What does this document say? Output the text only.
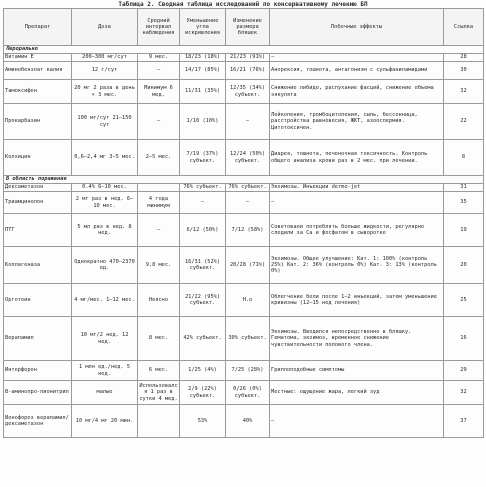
Таблица 2. Сводная таблица исследований по консервативному лечению БП
Препарат	Доза	Средний интервал наблюдения	Уменьшение угла искривления	Изменение размера бляшек	Побочные эффекты	Ссылка
Перорально						
Витамин Е	200–300 мг/сут	9 мес.	18/23 (18%)	21/23 (91%)	–	28
Аминобензоат калия	12 г/сут	–	14/17 (85%)	16/21 (76%)	Анорексия, тошнота, антагонизм с сульфаниламидами	30
Тамоксифен	20 мг 2 раза в день × 3 мес.	Минимум 6 мед.	11/31 (35%)	12/35 (34%) субъект.	Снижение либидо, распухание фасций, снижение объема эякулята	32
Прокарбазин	100 мг/сут 21–150 сут	–	1/10 (10%)	–	Лейкопения, тромбоцитопения, сыпь, бессонница, расстройства равновесия, ЖКТ, азооспермия. Цитотоксичен.	22
Колхицин	0,6–2,4 мг 3–5 мес.	2–5 мес.	7/19 (37%) субъект.	12/24 (50%) субъект.	Диарея, тошнота, печеночная токсичность. Контроль общего анализа крови раз в 2 мес. при лечении.	8
В область поражения						
Дексаметазон	0.4% 6–10 мес.		76% субъект.	76% субъект.	Экхимозы. Инъекции dermo-jet	31
Триамцинолон	2 мг раз в нед. 6–10 мес.	4 года минимум	–	–	–	35
ПТГ	5 мл раз в нед. 8 нед.	–	6/12 (50%)	7/12 (58%)	Советовали потреблять больше жидкости, регулярно следили за Са и фосфатом в сыворотке	19
Коллагеназа	Однократно 470–2370 ед.	9,8 мес.	16/31 (52%) субъект.	20/28 (71%)	Экхимозы. Общее улучшение: Кат. 1: 100% (контроль 25%) Кат. 2: 36% (контроль 0%) Кат. 3: 13% (контроль 0%)	20
Орготеин	4 мг/мес. 1–12 мес.	Неясно	21/22 (95%) субъект.	Н.о	Облегчение боли после 1–2 инъекций, затем уменьшение кривизны (12–15 нед лечения)	25
Верапамил	10 мг/2 нед. 12 нед.	8 мес.	42% субъект.	30% субъект.	Экхимозы. Вводился непосредственно в бляшку. Гематома, экхимоз, временное снижение чувствительности полового члена.	16
Интерферон	1 млн ед./нед. 5 нед.	6 мес.	1/25 (4%)	7/25 (28%)	Гриппоподобные симптомы	29
В-аминопро-пионитрил	малые	Использовался 1 раз в сутки 4 мед.	2/9 (22%) субъект.	0/26 (0%) субъект.	Местные: ощущение жара, легкий зуд	32
Ионофорез верапамил/ дексаметазон	10 мг/4 мг 20 мин.		53%	40%	–	37
